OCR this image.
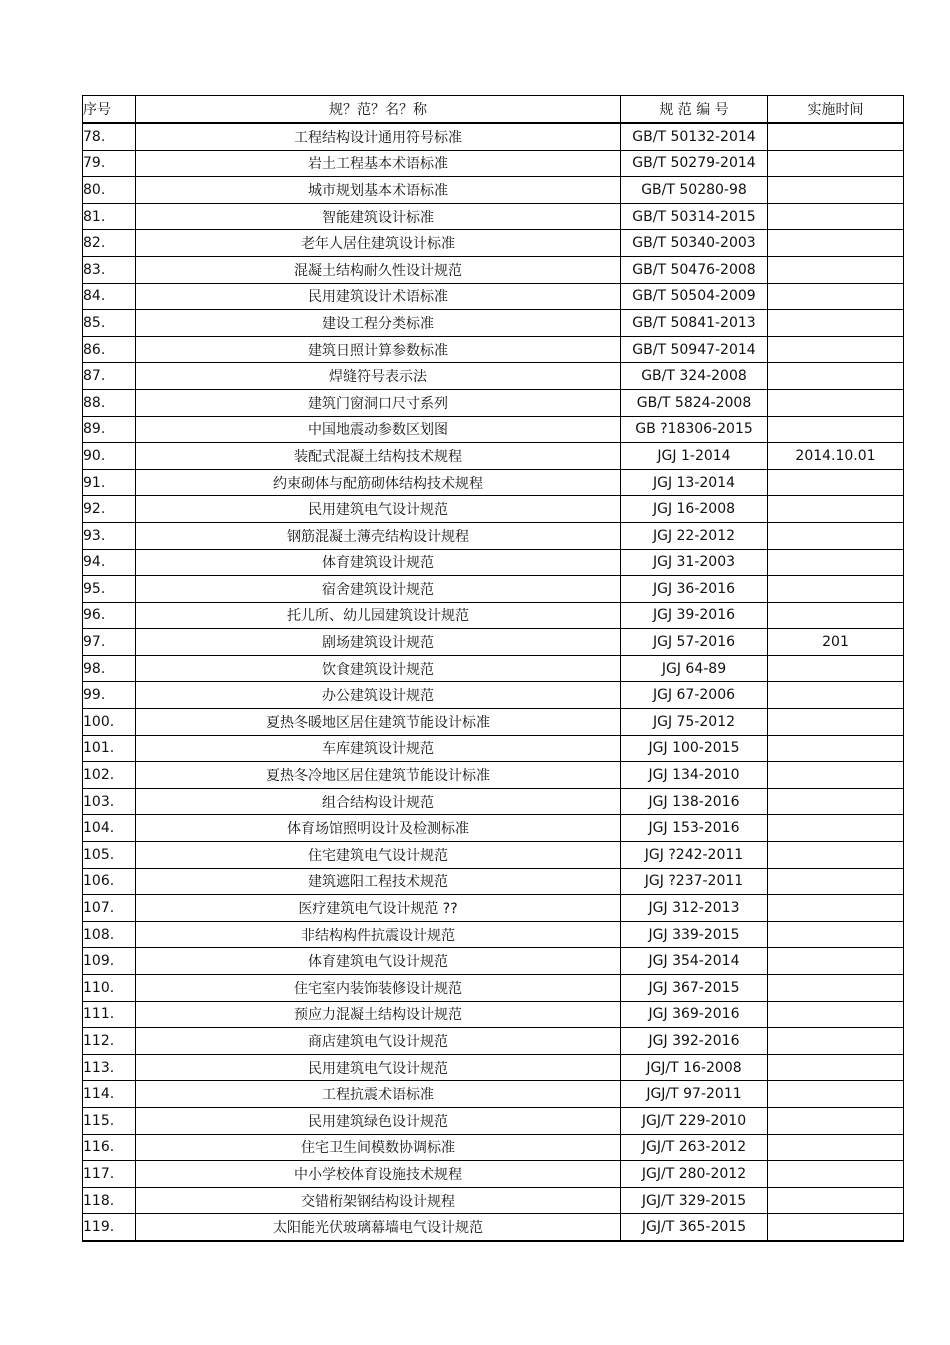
序号	规？范？名？称	规 范 编 号	实施时间
78.	工程结构设计通用符号标准	GB/T 50132-2014	
79.	岩土工程基本术语标准	GB/T 50279-2014	
80.	城市规划基本术语标准	GB/T 50280-98	
81.	智能建筑设计标准	GB/T 50314-2015	
82.	老年人居住建筑设计标准	GB/T 50340-2003	
83.	混凝土结构耐久性设计规范	GB/T 50476-2008	
84.	民用建筑设计术语标准	GB/T 50504-2009	
85.	建设工程分类标准	GB/T 50841-2013	
86.	建筑日照计算参数标准	GB/T 50947-2014	
87.	焊缝符号表示法	GB/T 324-2008	
88.	建筑门窗洞口尺寸系列	GB/T 5824-2008	
89.	中国地震动参数区划图	GB ?18306-2015	
90.	装配式混凝土结构技术规程	JGJ 1-2014	2014.10.01
91.	约束砌体与配筋砌体结构技术规程	JGJ 13-2014	
92.	民用建筑电气设计规范	JGJ 16-2008	
93.	钢筋混凝土薄壳结构设计规程	JGJ 22-2012	
94.	体育建筑设计规范	JGJ 31-2003	
95.	宿舍建筑设计规范	JGJ 36-2016	
96.	托儿所、幼儿园建筑设计规范	JGJ 39-2016	
97.	剧场建筑设计规范	JGJ 57-2016	201
98.	饮食建筑设计规范	JGJ 64-89	
99.	办公建筑设计规范	JGJ 67-2006	
100.	夏热冬暖地区居住建筑节能设计标准	JGJ 75-2012	
101.	车库建筑设计规范	JGJ 100-2015	
102.	夏热冬冷地区居住建筑节能设计标准	JGJ 134-2010	
103.	组合结构设计规范	JGJ 138-2016	
104.	体育场馆照明设计及检测标准	JGJ 153-2016	
105.	住宅建筑电气设计规范	JGJ ?242-2011	
106.	建筑遮阳工程技术规范	JGJ ?237-2011	
107.	医疗建筑电气设计规范 ??	JGJ 312-2013	
108.	非结构构件抗震设计规范	JGJ 339-2015	
109.	体育建筑电气设计规范	JGJ 354-2014	
110.	住宅室内装饰装修设计规范	JGJ 367-2015	
111.	预应力混凝土结构设计规范	JGJ 369-2016	
112.	商店建筑电气设计规范	JGJ 392-2016	
113.	民用建筑电气设计规范	JGJ/T 16-2008	
114.	工程抗震术语标准	JGJ/T 97-2011	
115.	民用建筑绿色设计规范	JGJ/T 229-2010	
116.	住宅卫生间模数协调标准	JGJ/T 263-2012	
117.	中小学校体育设施技术规程	JGJ/T 280-2012	
118.	交错桁架钢结构设计规程	JGJ/T 329-2015	
119.	太阳能光伏玻璃幕墙电气设计规范	JGJ/T 365-2015	
